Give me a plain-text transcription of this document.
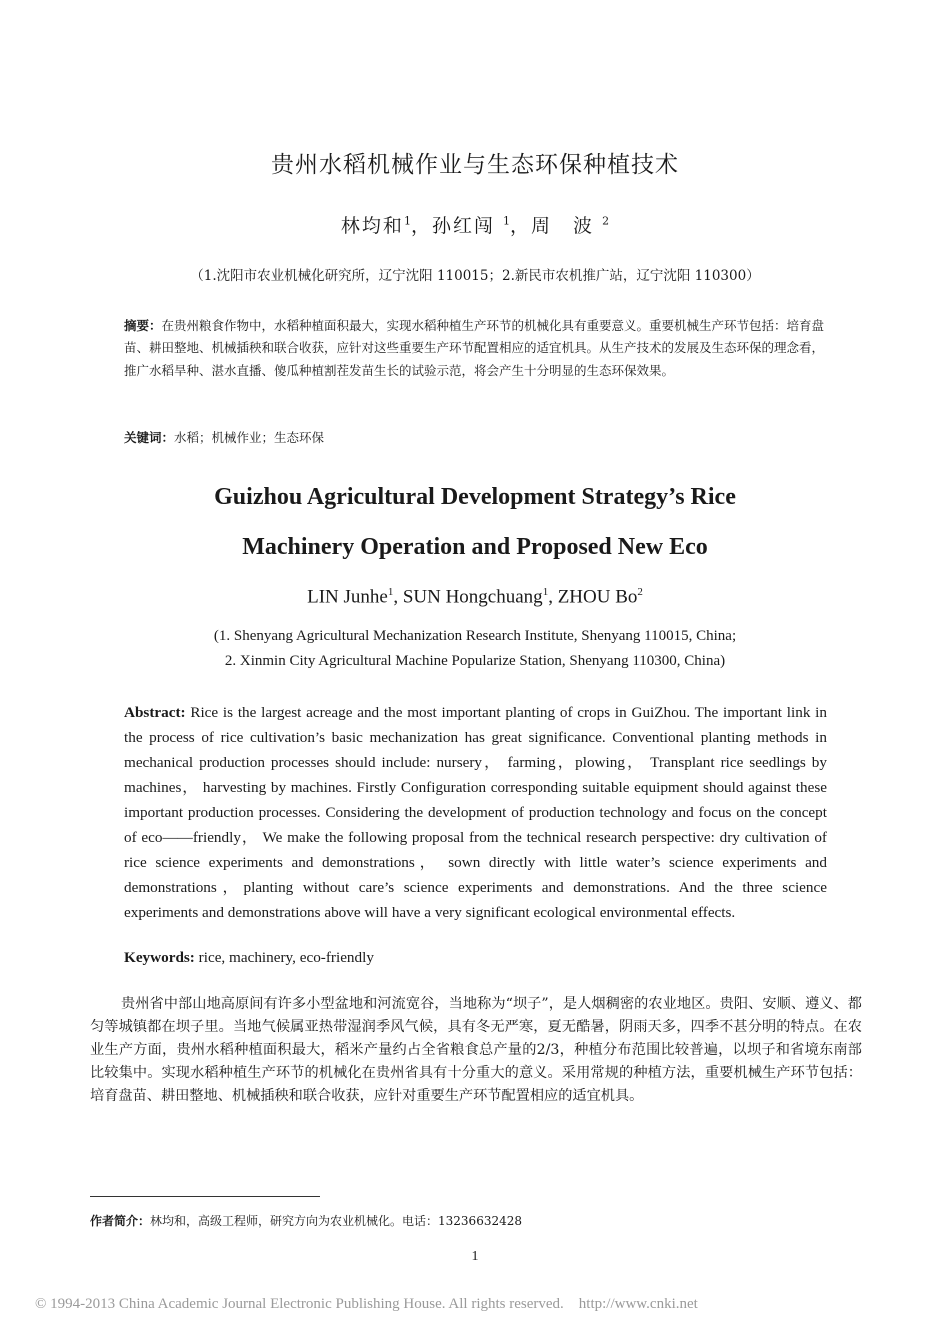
贵州水稻机械作业与生态环保种植技术
林均和$^1$，孙红闯 $^1$，周　波 $^2$
（1.沈阳市农业机械化研究所，辽宁沈阳 110015；2.新民市农机推广站，辽宁沈阳 110300）
摘要：在贵州粮食作物中，水稻种植面积最大，实现水稻种植生产环节的机械化具有重要意义。重要机械生产环节包括：培育盘苗、耕田整地、机械插秧和联合收获，应针对这些重要生产环节配置相应的适宜机具。从生产技术的发展及生态环保的理念看，推广水稻旱种、湛水直播、傻瓜种植割茬发苗生长的试验示范，将会产生十分明显的生态环保效果。
关键词：水稻；机械作业；生态环保
Guizhou Agricultural Development Strategy’s Rice
Machinery Operation and Proposed New Eco
LIN Junhe$^1$, SUN Hongchuang$^1$, ZHOU Bo$^2$
(1. Shenyang Agricultural Mechanization Research Institute, Shenyang 110015, China;
2. Xinmin City Agricultural Machine Popularize Station, Shenyang 110300, China)
Abstract: Rice is the largest acreage and the most important planting of crops in GuiZhou. The important link in the process of rice cultivation’s basic mechanization has great significance. Conventional planting methods in mechanical production processes should include: nursery， farming，plowing， Transplant rice seedlings by machines， harvesting by machines. Firstly Configuration corresponding suitable equipment should against these important production processes. Considering the development of production technology and focus on the concept of eco——friendly， We make the following proposal from the technical research perspective: dry cultivation of rice science experiments and demonstrations， sown directly with little water’s science experiments and demonstrations，planting without care’s science experiments and demonstrations. And the three science experiments and demonstrations above will have a very significant ecological environmental effects.
Keywords: rice, machinery, eco-friendly
贵州省中部山地高原间有许多小型盆地和河流宽谷，当地称为“坝子”，是人烟稠密的农业地区。贵阳、安顺、遵义、都匀等城镇都在坝子里。当地气候属亚热带湿润季风气候，具有冬无严寒，夏无酷暑，阴雨天多，四季不甚分明的特点。在农业生产方面，贵州水稻种植面积最大，稻米产量约占全省粮食总产量的2/3，种植分布范围比较普遍，以坝子和省境东南部比较集中。实现水稻种植生产环节的机械化在贵州省具有十分重大的意义。采用常规的种植方法，重要机械生产环节包括：培育盘苗、耕田整地、机械插秧和联合收获，应针对重要生产环节配置相应的适宜机具。
作者简介：林均和，高级工程师，研究方向为农业机械化。电话：13236632428
1
© 1994-2013 China Academic Journal Electronic Publishing House. All rights reserved.    http://www.cnki.net
